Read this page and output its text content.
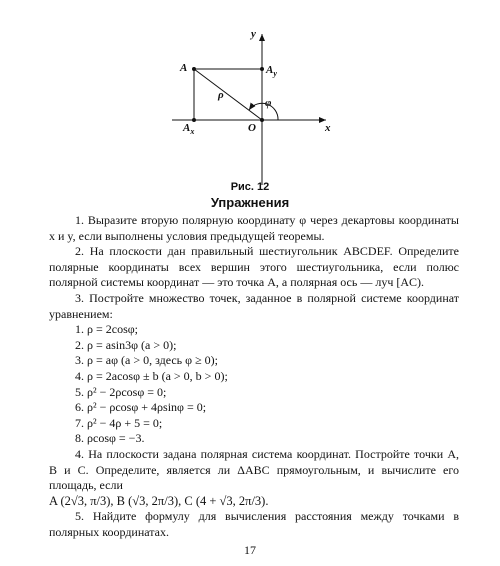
y
x
A	$A_y$
$A_x$	O
ρ
φ
Рис. 12
Упражнения

1. Выразите вторую полярную координату φ через декартовы координаты x и y, если выполнены условия предыдущей теоремы.

2. На плоскости дан правильный шестиугольник ABCDEF. Определите полярные координаты всех вершин этого шестиугольника, если полюс полярной системы координат — это точка A, а полярная ось — луч [AC).

3. Постройте множество точек, заданное в полярной системе координат уравнением:

1. ρ = 2cosφ;

2. ρ = asin3φ (a > 0);

3. ρ = aφ (a > 0, здесь φ ≥ 0);

4. ρ = 2acosφ ± b (a > 0, b > 0);

5. ρ² − 2ρcosφ = 0;

6. ρ² − ρcosφ + 4ρsinφ = 0;

7. ρ² − 4ρ + 5 = 0;

8. ρcosφ = −3.

4. На плоскости задана полярная система координат. Постройте точки A, B и C. Определите, является ли ΔABC прямоугольным, и вычислите его площадь, если

A (2√3, π/3), B (√3, 2π/3), C (4 + √3, 2π/3).

5. Найдите формулу для вычисления расстояния между точками в полярных координатах.

17
